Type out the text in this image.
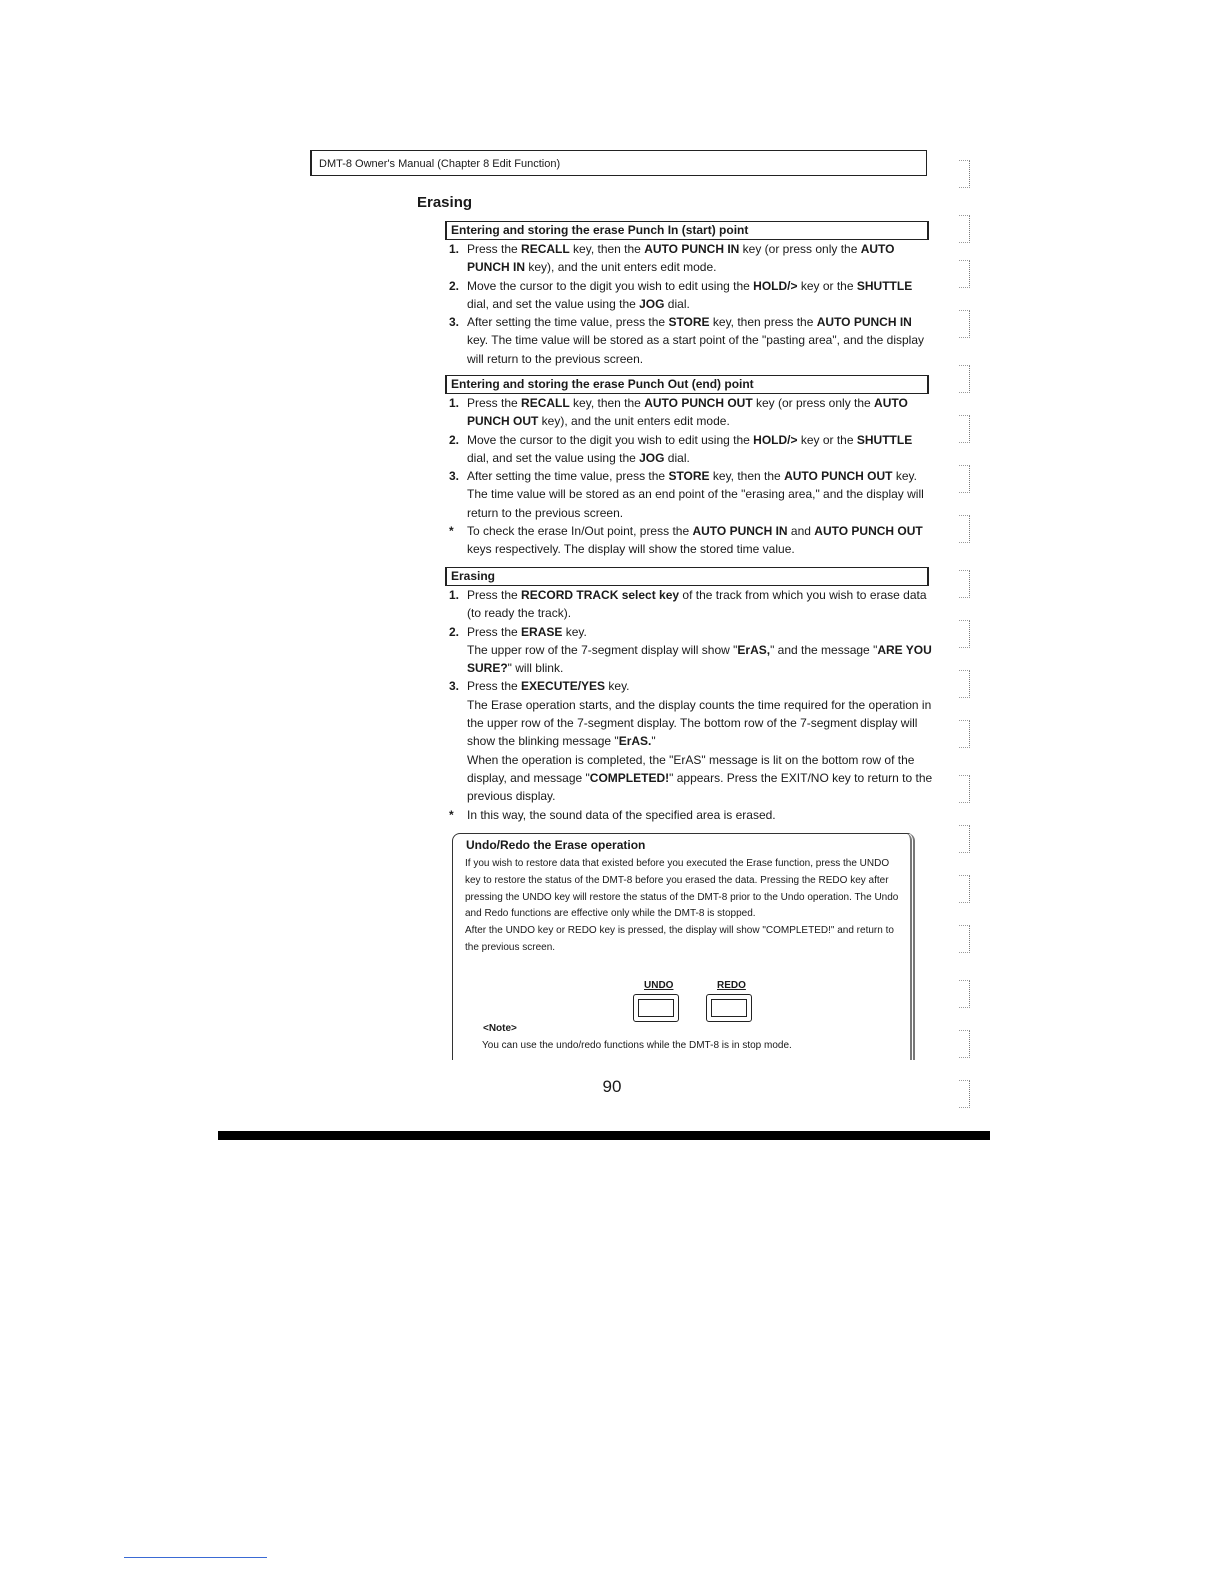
DMT-8 Owner's Manual (Chapter 8 Edit Function)
Erasing
Entering and storing the erase Punch In (start) point
1. Press the RECALL key, then the AUTO PUNCH IN key (or press only the AUTO PUNCH IN key), and the unit enters edit mode.
2. Move the cursor to the digit you wish to edit using the HOLD/> key or the SHUTTLE dial, and set the value using the JOG dial.
3. After setting the time value, press the STORE key, then press the AUTO PUNCH IN key. The time value will be stored as a start point of the "pasting area", and the display will return to the previous screen.
Entering and storing the erase Punch Out (end) point
1. Press the RECALL key, then the AUTO PUNCH OUT key (or press only the AUTO PUNCH OUT key), and the unit enters edit mode.
2. Move the cursor to the digit you wish to edit using the HOLD/> key or the SHUTTLE dial, and set the value using the JOG dial.
3. After setting the time value, press the STORE key, then the AUTO PUNCH OUT key. The time value will be stored as an end point of the "erasing area," and the display will return to the previous screen.
* To check the erase In/Out point, press the AUTO PUNCH IN and AUTO PUNCH OUT keys respectively. The display will show the stored time value.
Erasing
1. Press the RECORD TRACK select key of the track from which you wish to erase data (to ready the track).
2. Press the ERASE key.
The upper row of the 7-segment display will show "ErAS," and the message "ARE YOU SURE?" will blink.
3. Press the EXECUTE/YES key.
The Erase operation starts, and the display counts the time required for the operation in the upper row of the 7-segment display. The bottom row of the 7-segment display will show the blinking message "ErAS."
When the operation is completed, the "ErAS" message is lit on the bottom row of the display, and message "COMPLETED!" appears. Press the EXIT/NO key to return to the previous display.
* In this way, the sound data of the specified area is erased.
Undo/Redo the Erase operation
If you wish to restore data that existed before you executed the Erase function, press the UNDO key to restore the status of the DMT-8 before you erased the data. Pressing the REDO key after pressing the UNDO key will restore the status of the DMT-8 prior to the Undo operation. The Undo and Redo functions are effective only while the DMT-8 is stopped.
After the UNDO key or REDO key is pressed, the display will show "COMPLETED!" and return to the previous screen.
UNDO	REDO
<Note>
You can use the undo/redo functions while the DMT-8 is in stop mode.
90
